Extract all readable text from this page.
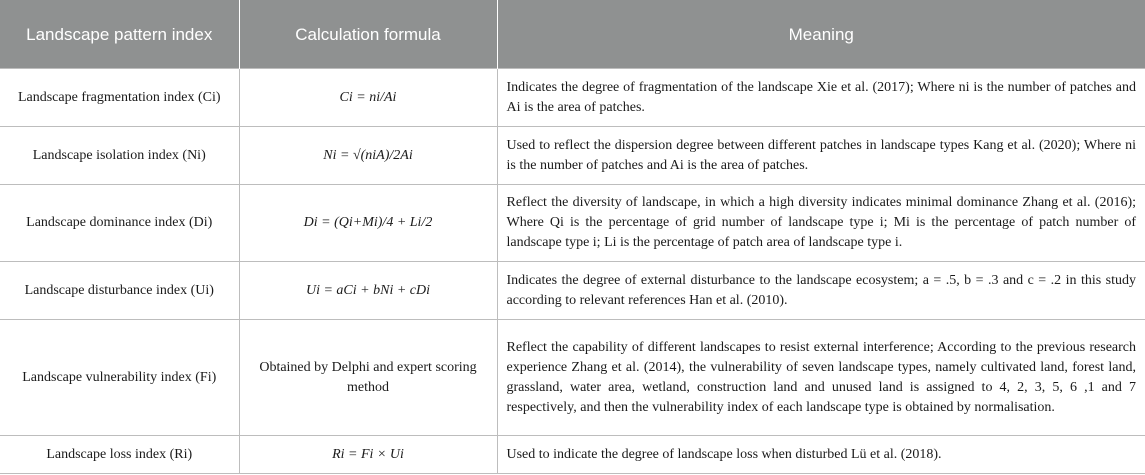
Landscape pattern index	Calculation formula	Meaning
Landscape fragmentation index (Ci)	Ci = ni/Ai	Indicates the degree of fragmentation of the landscape Xie et al. (2017); Where ni is the number of patches and Ai is the area of patches.
Landscape isolation index (Ni)	Ni = √(niA)/2Ai	Used to reflect the dispersion degree between different patches in landscape types Kang et al. (2020); Where ni is the number of patches and Ai is the area of patches.
Landscape dominance index (Di)	Di = (Qi+Mi)/4 + Li/2	Reflect the diversity of landscape, in which a high diversity indicates minimal dominance Zhang et al. (2016); Where Qi is the percentage of grid number of landscape type i; Mi is the percentage of patch number of landscape type i; Li is the percentage of patch area of landscape type i.
Landscape disturbance index (Ui)	Ui = aCi + bNi + cDi	Indicates the degree of external disturbance to the landscape ecosystem; a = .5, b = .3 and c = .2 in this study according to relevant references Han et al. (2010).
Landscape vulnerability index (Fi)	Obtained by Delphi and expert scoring method	Reflect the capability of different landscapes to resist external interference; According to the previous research experience Zhang et al. (2014), the vulnerability of seven landscape types, namely cultivated land, forest land, grassland, water area, wetland, construction land and unused land is assigned to 4, 2, 3, 5, 6 ,1 and 7 respectively, and then the vulnerability index of each landscape type is obtained by normalisation.
Landscape loss index (Ri)	Ri = Fi × Ui	Used to indicate the degree of landscape loss when disturbed Lü et al. (2018).
